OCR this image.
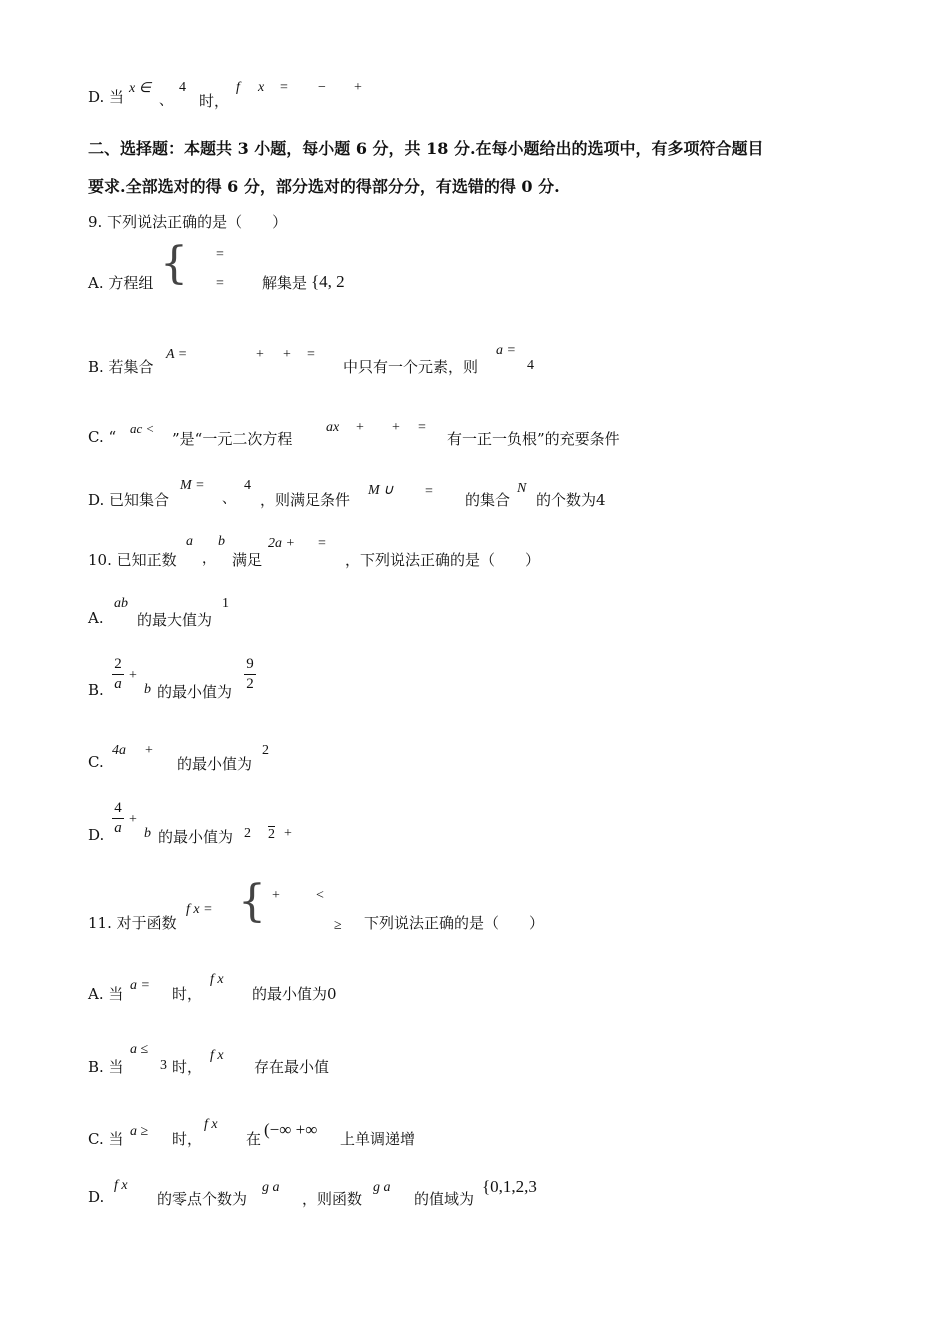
D. 当 x ∈
、
4
时，
f x = − +
二、选择题：本题共 3 小题，每小题 6 分，共 18 分.在每小题给出的选项中，有多项符合题目
要求.全部选对的得 6 分，部分选对的得部分分，有选错的得 0 分.
9. 下列说法正确的是（　　）
A. 方程组 { =
=	解集是 {4, 2
B. 若集合
A =	+ + =
中只有一个元素，则
a =
4
C. “ ac <
”是“一元二次方程
ax + + =
有一正一负根”的充要条件
D. 已知集合
M =
、
4
，则满足条件
M ∪ = 的集合
N
的个数为4
10. 已知正数
a
，
b
满足
2a + =
，下列说法正确的是（　　）
A.
ab
的最大值为
1
B.
2
a
+
b 的最小值为
9
2
C.
4a +
的最小值为
2
D.
4
a
+
b 的最小值为 2 2 +
11. 对于函数
f x = { +	<
≥ 下列说法正确的是（　　）
A. 当 a = 时，
f x
的最小值为0
B. 当
a ≤
3 时，
f x
存在最小值
C. 当 a ≥ 时，
f x
在 (−∞ +∞ 上单调递增
D.
f x
的零点个数为
g a
，则函数
g a
的值域为
{0,1,2,3
